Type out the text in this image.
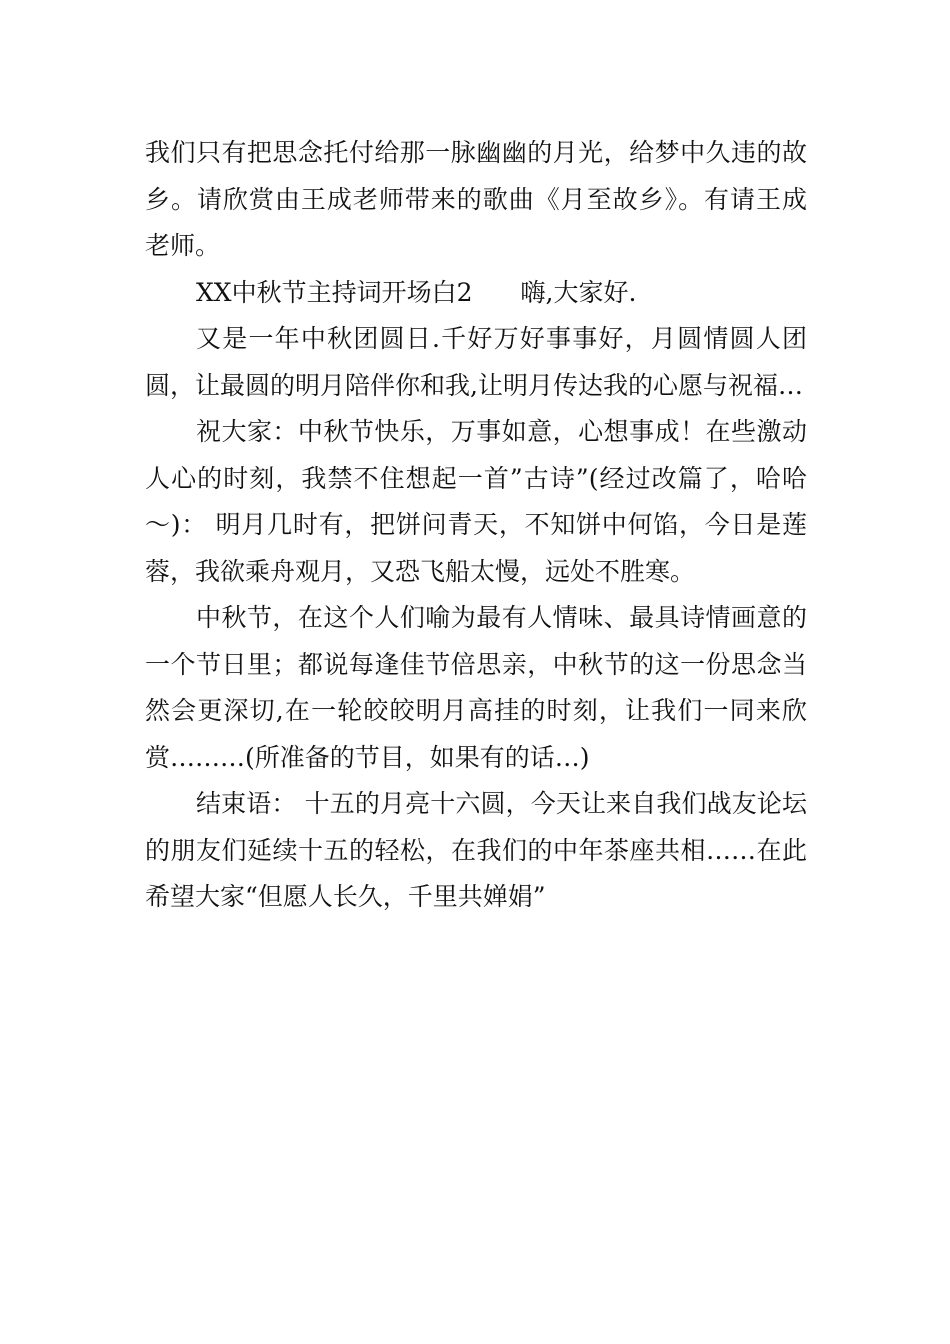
我们只有把思念托付给那一脉幽幽的月光，给梦中久违的故乡。请欣赏由王成老师带来的歌曲《月至故乡》。有请王成老师。

XX中秋节主持词开场白2 嗨,大家好.

又是一年中秋团圆日.千好万好事事好，月圆情圆人团圆，让最圆的明月陪伴你和我,让明月传达我的心愿与祝福…

祝大家：中秋节快乐，万事如意，心想事成！在些激动人心的时刻，我禁不住想起一首”古诗”(经过改篇了，哈哈～)： 明月几时有，把饼问青天，不知饼中何馅，今日是莲蓉，我欲乘舟观月，又恐飞船太慢，远处不胜寒。

中秋节，在这个人们喻为最有人情味、最具诗情画意的一个节日里；都说每逢佳节倍思亲，中秋节的这一份思念当然会更深切,在一轮皎皎明月高挂的时刻，让我们一同来欣赏………(所准备的节目，如果有的话…)

结束语： 十五的月亮十六圆，今天让来自我们战友论坛的朋友们延续十五的轻松，在我们的中年茶座共相……在此希望大家“但愿人长久，千里共婵娟”
